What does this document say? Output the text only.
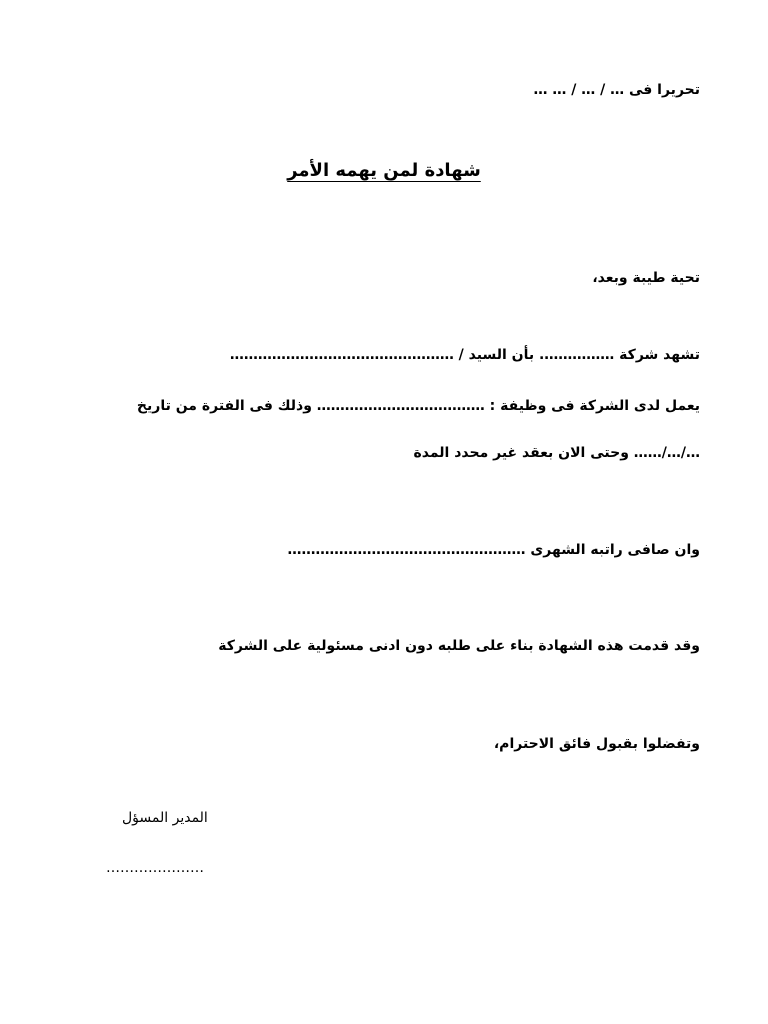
تحريرا فى … / … / … …
شهادة لمن يهمه الأمر
تحية طيبة وبعد،
تشهد شركة ……………. بأن السيد / …………………………………………
يعمل لدى الشركة فى وظيفة : ……………………………… وذلك فى الفترة من تاريخ
…/…/…… وحتى الان بعقد غير محدد المدة
وان صافى راتبه الشهرى ……………………………………………
وقد قدمت هذه الشهادة بناء على طلبه دون ادنى مسئولية على الشركة
وتفضلوا بقبول فائق الاحترام،
المدير المسؤل
…………………
